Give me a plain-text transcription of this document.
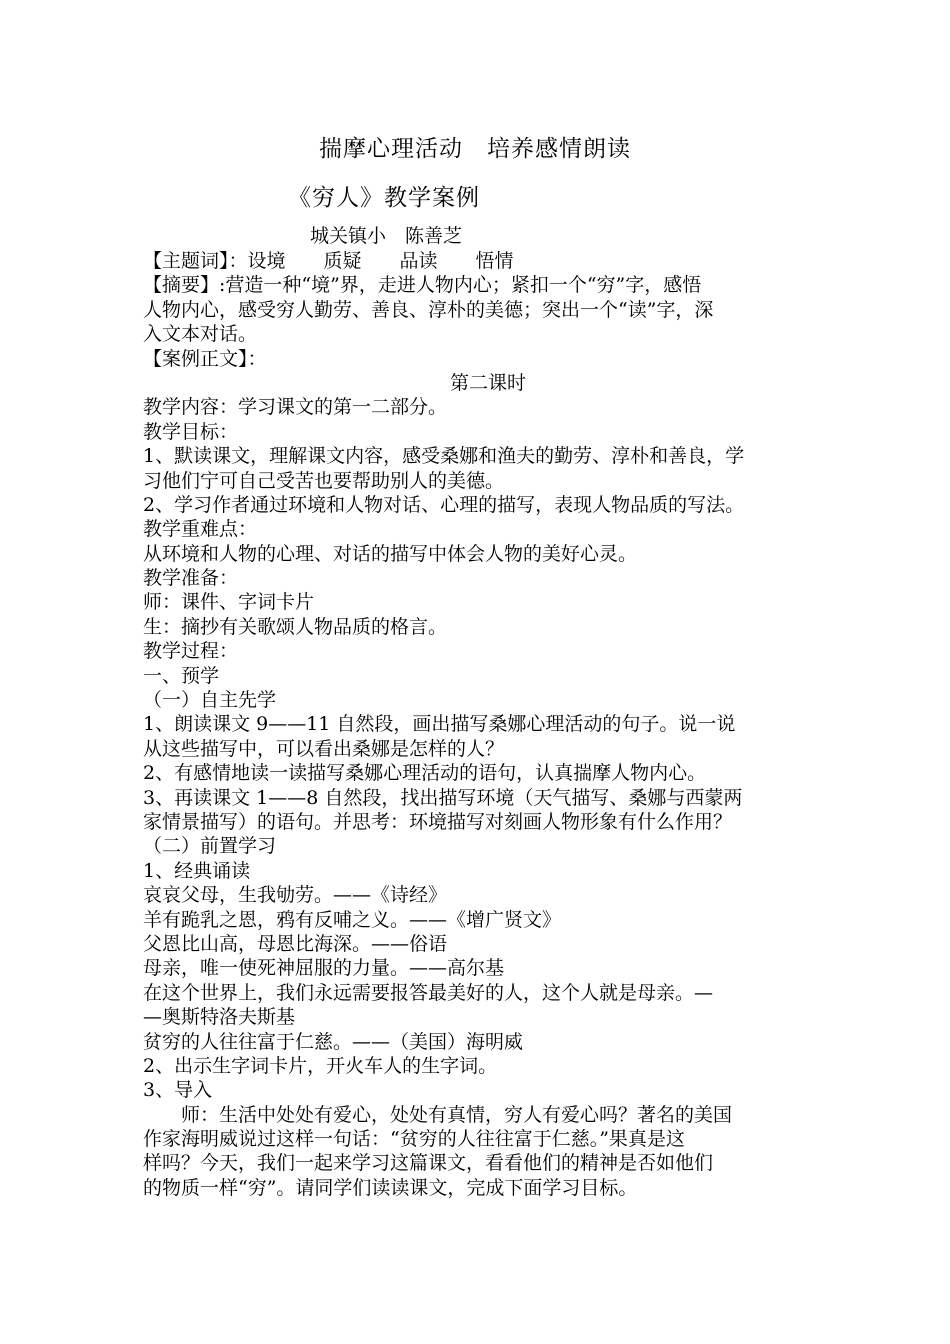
揣摩心理活动　培养感情朗读
《穷人》教学案例
城关镇小　陈善芝
【主题词】：设境　　质疑　　品读　　悟情
【摘要】:营造一种“境”界，走进人物内心；紧扣一个“穷”字，感悟
人物内心，感受穷人勤劳、善良、淳朴的美德；突出一个“读”字，深
入文本对话。
【案例正文】：
第二课时
教学内容：学习课文的第一二部分。
教学目标：
1、默读课文，理解课文内容，感受桑娜和渔夫的勤劳、淳朴和善良，学
习他们宁可自己受苦也要帮助别人的美德。
2、学习作者通过环境和人物对话、心理的描写，表现人物品质的写法。
教学重难点：
从环境和人物的心理、对话的描写中体会人物的美好心灵。
教学准备：
师：课件、字词卡片
生：摘抄有关歌颂人物品质的格言。
教学过程：
一、预学
（一）自主先学
1、朗读课文 9——11 自然段，画出描写桑娜心理活动的句子。说一说
从这些描写中，可以看出桑娜是怎样的人？
2、有感情地读一读描写桑娜心理活动的语句，认真揣摩人物内心。
3、再读课文 1——8 自然段，找出描写环境（天气描写、桑娜与西蒙两
家情景描写）的语句。并思考：环境描写对刻画人物形象有什么作用？
（二）前置学习
1、经典诵读
哀哀父母，生我劬劳。——《诗经》
羊有跪乳之恩，鸦有反哺之义。——《增广贤文》
父恩比山高，母恩比海深。——俗语
母亲，唯一使死神屈服的力量。——高尔基
在这个世界上，我们永远需要报答最美好的人，这个人就是母亲。—
—奥斯特洛夫斯基
贫穷的人往往富于仁慈。——（美国）海明威
2、出示生字词卡片，开火车人的生字词。
3、导入
师：生活中处处有爱心，处处有真情，穷人有爱心吗？著名的美国
作家海明威说过这样一句话：“贫穷的人往往富于仁慈。”果真是这
样吗？今天，我们一起来学习这篇课文，看看他们的精神是否如他们
的物质一样“穷”。请同学们读读课文，完成下面学习目标。
